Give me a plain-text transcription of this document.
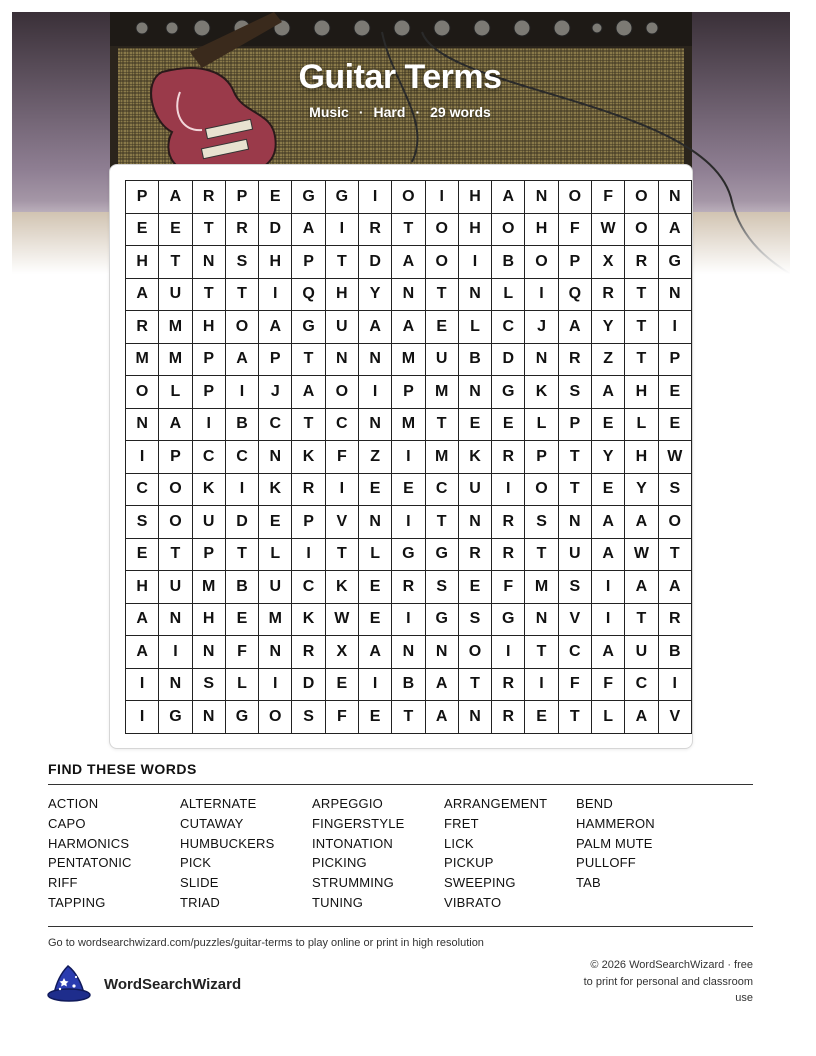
Guitar Terms
Music · Hard · 29 words
P	A	R	P	E	G	G	I	O	I	H	A	N	O	F	O	N
E	E	T	R	D	A	I	R	T	O	H	O	H	F	W	O	A
H	T	N	S	H	P	T	D	A	O	I	B	O	P	X	R	G
A	U	T	T	I	Q	H	Y	N	T	N	L	I	Q	R	T	N
R	M	H	O	A	G	U	A	A	E	L	C	J	A	Y	T	I
M	M	P	A	P	T	N	N	M	U	B	D	N	R	Z	T	P
O	L	P	I	J	A	O	I	P	M	N	G	K	S	A	H	E
N	A	I	B	C	T	C	N	M	T	E	E	L	P	E	L	E
I	P	C	C	N	K	F	Z	I	M	K	R	P	T	Y	H	W
C	O	K	I	K	R	I	E	E	C	U	I	O	T	E	Y	S
S	O	U	D	E	P	V	N	I	T	N	R	S	N	A	A	O
E	T	P	T	L	I	T	L	G	G	R	R	T	U	A	W	T
H	U	M	B	U	C	K	E	R	S	E	F	M	S	I	A	A
A	N	H	E	M	K	W	E	I	G	S	G	N	V	I	T	R
A	I	N	F	N	R	X	A	N	N	O	I	T	C	A	U	B
I	N	S	L	I	D	E	I	B	A	T	R	I	F	F	C	I
I	G	N	G	O	S	F	E	T	A	N	R	E	T	L	A	V
FIND THESE WORDS
ACTION	ALTERNATE	ARPEGGIO	ARRANGEMENT	BEND
CAPO	CUTAWAY	FINGERSTYLE	FRET	HAMMERON
HARMONICS	HUMBUCKERS	INTONATION	LICK	PALM MUTE
PENTATONIC	PICK	PICKING	PICKUP	PULLOFF
RIFF	SLIDE	STRUMMING	SWEEPING	TAB
TAPPING	TRIAD	TUNING	VIBRATO
Go to wordsearchwizard.com/puzzles/guitar-terms to play online or print in high resolution
WordSearchWizard
© 2026 WordSearchWizard · free to print for personal and classroom use
